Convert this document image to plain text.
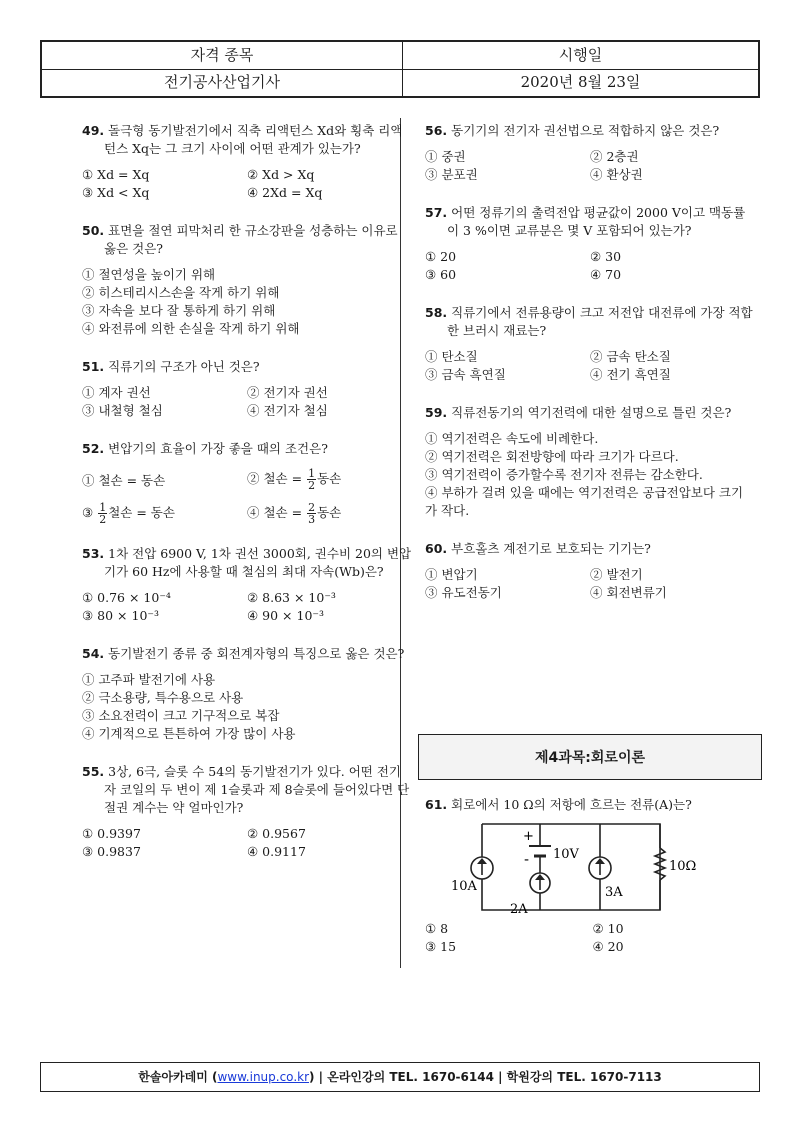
자격 종목	시행일
전기공사산업기사	2020년 8월 23일

49. 돌극형 동기발전기에서 직축 리액턴스 Xd와 횡축 리액턴스 Xq는 그 크기 사이에 어떤 관계가 있는가?

① Xd = Xq	② Xd > Xq
③ Xd < Xq	④ 2Xd = Xq

50. 표면을 절연 피막처리 한 규소강판을 성층하는 이유로 옳은 것은?

① 절연성을 높이기 위해
② 히스테리시스손을 작게 하기 위해
③ 자속을 보다 잘 통하게 하기 위해
④ 와전류에 의한 손실을 작게 하기 위해

51. 직류기의 구조가 아닌 것은?

① 계자 권선	② 전기자 권선
③ 내철형 철심	④ 전기자 철심

52. 변압기의 효율이 가장 좋을 때의 조건은?

① 철손 = 동손	② 철손 = $\frac{1}{2}$ 동손
③ $\frac{1}{2}$ 철손 = 동손	④ 철손 = $\frac{2}{3}$ 동손

53. 1차 전압 6900 V, 1차 권선 3000회, 권수비 20의 변압기가 60 Hz에 사용할 때 철심의 최대 자속(Wb)은?

① 0.76 × 10⁻⁴	② 8.63 × 10⁻³
③ 80 × 10⁻³	④ 90 × 10⁻³

54. 동기발전기 종류 중 회전계자형의 특징으로 옳은 것은?

① 고주파 발전기에 사용
② 극소용량, 특수용으로 사용
③ 소요전력이 크고 기구적으로 복잡
④ 기계적으로 튼튼하여 가장 많이 사용

55. 3상, 6극, 슬롯 수 54의 동기발전기가 있다. 어떤 전기자 코일의 두 변이 제 1슬롯과 제 8슬롯에 들어있다면 단절권 계수는 약 얼마인가?

① 0.9397	② 0.9567
③ 0.9837	④ 0.9117

56. 동기기의 전기자 권선법으로 적합하지 않은 것은?

① 중권	② 2층권
③ 분포권	④ 환상권

57. 어떤 정류기의 출력전압 평균값이 2000 V이고 맥동률이 3 %이면 교류분은 몇 V 포함되어 있는가?

① 20	② 30
③ 60	④ 70

58. 직류기에서 전류용량이 크고 저전압 대전류에 가장 적합한 브러시 재료는?

① 탄소질	② 금속 탄소질
③ 금속 흑연질	④ 전기 흑연질

59. 직류전동기의 역기전력에 대한 설명으로 틀린 것은?

① 역기전력은 속도에 비례한다.
② 역기전력은 회전방향에 따라 크기가 다르다.
③ 역기전력이 증가할수록 전기자 전류는 감소한다.
④ 부하가 걸려 있을 때에는 역기전력은 공급전압보다 크기가 작다.

60. 부흐홀츠 계전기로 보호되는 기기는?

① 변압기	② 발전기
③ 유도전동기	④ 회전변류기
제4과목:회로이론

61. 회로에서 10 Ω의 저항에 흐르는 전류(A)는?

10A
2A
3A
10V
10Ω
+
-
① 8	② 10
③ 15	④ 20
한솔아카데미 (www.inup.co.kr) | 온라인강의 TEL. 1670-6144 | 학원강의 TEL. 1670-7113
